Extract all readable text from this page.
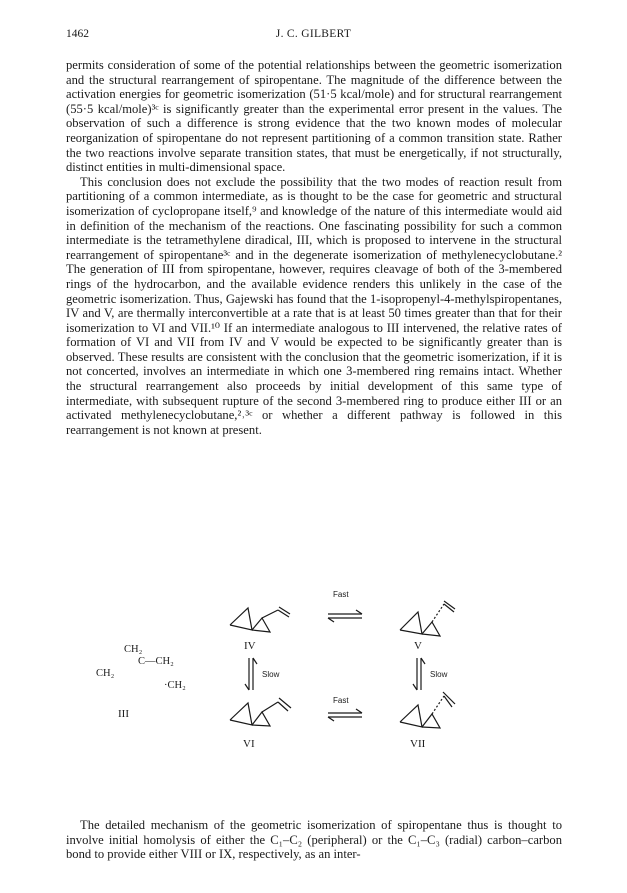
1462	J. C. GILBERT

permits consideration of some of the potential relationships between the geometric isomerization and the structural rearrangement of spiropentane. The magnitude of the difference between the activation energies for geometric isomerization (51·5 kcal/mole) and for structural rearrangement (55·5 kcal/mole)³ᶜ is significantly greater than the experimental error present in the values. The observation of such a difference is strong evidence that the two known modes of molecular reorganization of spiropentane do not represent partitioning of a common transition state. Rather the two reactions involve separate transition states, that must be energetically, if not structurally, distinct entities in multi-dimensional space.

This conclusion does not exclude the possibility that the two modes of reaction result from partitioning of a common intermediate, as is thought to be the case for geometric and structural isomerization of cyclopropane itself,⁹ and knowledge of the nature of this intermediate would aid in definition of the mechanism of the reactions. One fascinating possibility for such a common intermediate is the tetramethylene diradical, III, which is proposed to intervene in the structural rearrangement of spiropentane³ᶜ and in the degenerate isomerization of methylenecyclobutane.² The generation of III from spiropentane, however, requires cleavage of both of the 3-membered rings of the hydrocarbon, and the available evidence renders this unlikely in the case of the geometric isomerization. Thus, Gajewski has found that the 1-isopropenyl-4-methylspiropentanes, IV and V, are thermally interconvertible at a rate that is at least 50 times greater than that for their isomerization to VI and VII.¹⁰ If an intermediate analogous to III intervened, the relative rates of formation of VI and VII from IV and V would be expected to be significantly greater than is observed. These results are consistent with the conclusion that the geometric isomerization, if it is not concerted, involves an intermediate in which one 3-membered ring remains intact. Whether the structural rearrangement also proceeds by initial development of this same type of intermediate, with subsequent rupture of the second 3-membered ring to produce either III or an activated methylenecyclobutane,²˒³ᶜ or whether a different pathway is followed in this rearrangement is not known at present.

Fast
Fast
Slow	Slow
IV	V
VI	VII
CH₂
C—CH₂
CH₂
·CH₂
III

The detailed mechanism of the geometric isomerization of spiropentane thus is thought to involve initial homolysis of either the C₁–C₂ (peripheral) or the C₁–C₃ (radial) carbon–carbon bond to provide either VIII or IX, respectively, as an inter-
